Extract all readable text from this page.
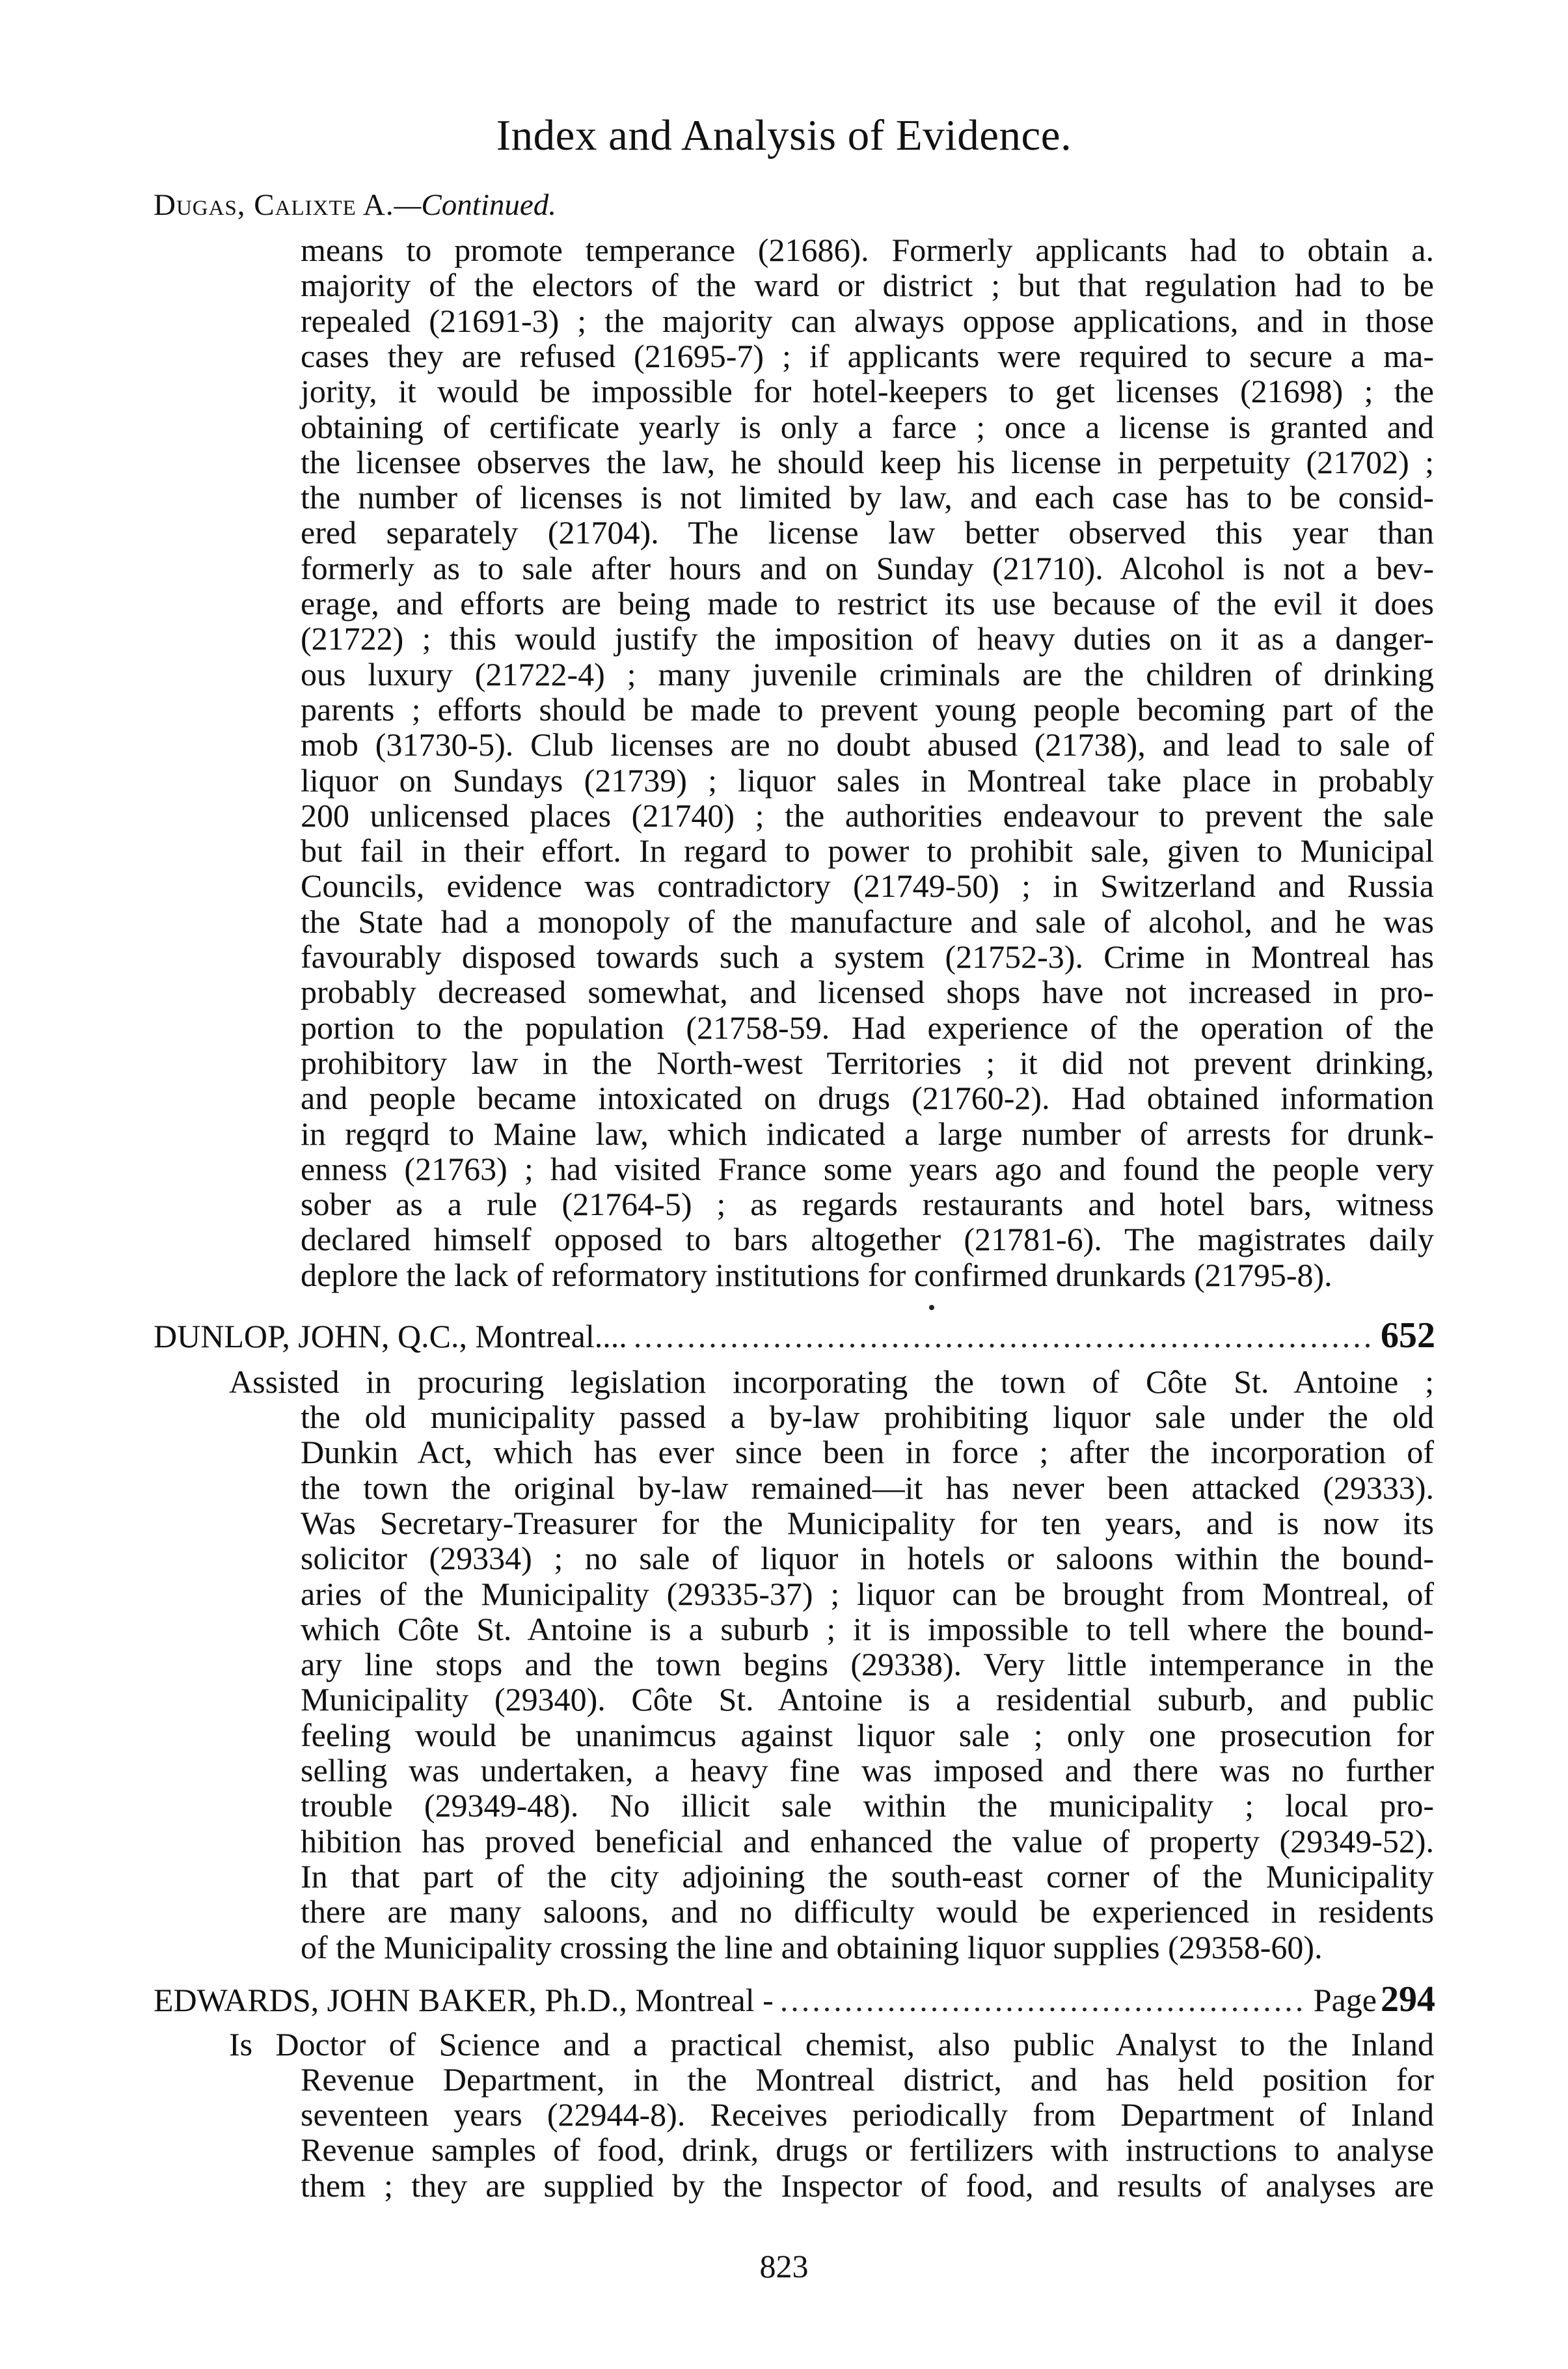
Index and Analysis of Evidence.
Dugas, Calixte A.—Continued.
means to promote temperance (21686). Formerly applicants had to obtain a.
majority of the electors of the ward or district ; but that regulation had to be
repealed (21691-3) ; the majority can always oppose applications, and in those
cases they are refused (21695-7) ; if applicants were required to secure a ma-
jority, it would be impossible for hotel-keepers to get licenses (21698) ; the
obtaining of certificate yearly is only a farce ; once a license is granted and
the licensee observes the law, he should keep his license in perpetuity (21702) ;
the number of licenses is not limited by law, and each case has to be consid-
ered separately (21704). The license law better observed this year than
formerly as to sale after hours and on Sunday (21710). Alcohol is not a bev-
erage, and efforts are being made to restrict its use because of the evil it does
(21722) ; this would justify the imposition of heavy duties on it as a danger-
ous luxury (21722-4) ; many juvenile criminals are the children of drinking
parents ; efforts should be made to prevent young people becoming part of the
mob (31730-5). Club licenses are no doubt abused (21738), and lead to sale of
liquor on Sundays (21739) ; liquor sales in Montreal take place in probably
200 unlicensed places (21740) ; the authorities endeavour to prevent the sale
but fail in their effort. In regard to power to prohibit sale, given to Municipal
Councils, evidence was contradictory (21749-50) ; in Switzerland and Russia
the State had a monopoly of the manufacture and sale of alcohol, and he was
favourably disposed towards such a system (21752-3). Crime in Montreal has
probably decreased somewhat, and licensed shops have not increased in pro-
portion to the population (21758-59. Had experience of the operation of the
prohibitory law in the North-west Territories ; it did not prevent drinking,
and people became intoxicated on drugs (21760-2). Had obtained information
in regqrd to Maine law, which indicated a large number of arrests for drunk-
enness (21763) ; had visited France some years ago and found the people very
sober as a rule (21764-5) ; as regards restaurants and hotel bars, witness
declared himself opposed to bars altogether (21781-6). The magistrates daily
deplore the lack of reformatory institutions for confirmed drunkards (21795-8).
DUNLOP, JOHN, Q.C., Montreal.... .....	652
Assisted in procuring legislation incorporating the town of Côte St. Antoine ;
the old municipality passed a by-law prohibiting liquor sale under the old
Dunkin Act, which has ever since been in force ; after the incorporation of
the town the original by-law remained—it has never been attacked (29333).
Was Secretary-Treasurer for the Municipality for ten years, and is now its
solicitor (29334) ; no sale of liquor in hotels or saloons within the bound-
aries of the Municipality (29335-37) ; liquor can be brought from Montreal, of
which Côte St. Antoine is a suburb ; it is impossible to tell where the bound-
ary line stops and the town begins (29338). Very little intemperance in the
Municipality (29340). Côte St. Antoine is a residential suburb, and public
feeling would be unanimcus against liquor sale ; only one prosecution for
selling was undertaken, a heavy fine was imposed and there was no further
trouble (29349-48). No illicit sale within the municipality ; local pro-
hibition has proved beneficial and enhanced the value of property (29349-52).
In that part of the city adjoining the south-east corner of the Municipality
there are many saloons, and no difficulty would be experienced in residents
of the Municipality crossing the line and obtaining liquor supplies (29358-60).
EDWARDS, JOHN BAKER, Ph.D., Montreal - .....	Page 294
Is Doctor of Science and a practical chemist, also public Analyst to the Inland
Revenue Department, in the Montreal district, and has held position for
seventeen years (22944-8). Receives periodically from Department of Inland
Revenue samples of food, drink, drugs or fertilizers with instructions to analyse
them ; they are supplied by the Inspector of food, and results of analyses are
823
